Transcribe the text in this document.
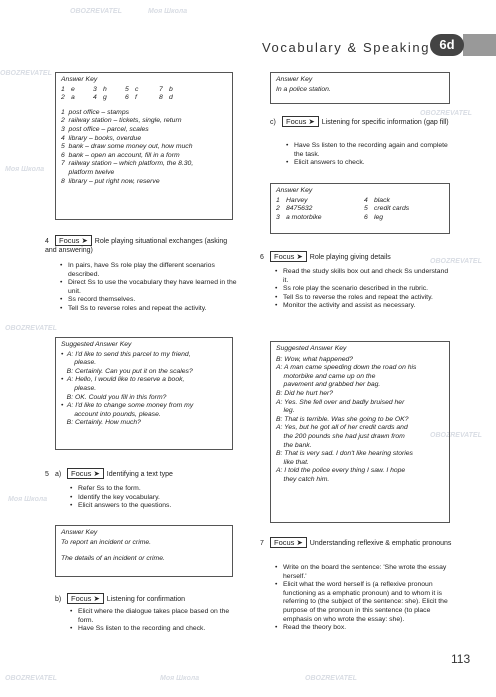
OBOZREVATEL	Моя Школа
OBOZREVATEL
Моя Школа
OBOZREVATEL
Моя Школа
OBOZREVATEL
OBOZREVATEL
OBOZREVATEL
OBOZREVATEL	Моя Школа	OBOZREVATEL
Vocabulary & Speaking 6d
Answer Key
1 e	3 h	5 c	7 b
2 a	4 g	6 f	8 d
1  post office – stamps
2  railway station – tickets, single, return
3  post office – parcel, scales
4  library – books, overdue
5  bank – draw some money out, how much
6  bank – open an account, fill in a form
7  railway station – which platform, the 8.30,
platform twelve
8  library – put right now, reserve
4 Focus ➤ Role playing situational exchanges (asking and answering)
• In pairs, have Ss role play the different scenarios described.
• Direct Ss to use the vocabulary they have learned in the unit.
• Ss record themselves.
• Tell Ss to reverse roles and repeat the activity.
Suggested Answer Key
•  A: I'd like to send this parcel to my friend,
please.
B: Certainly. Can you put it on the scales?
•  A: Hello, I would like to reserve a book,
please.
B: OK. Could you fill in this form?
•  A: I'd like to change some money from my
account into pounds, please.
B: Certainly. How much?
5 a) Focus ➤ Identifying a text type
• Refer Ss to the form.
• Identify the key vocabulary.
• Elicit answers to the questions.
Answer Key
To report an incident or crime.
The details of an incident or crime.
b) Focus ➤ Listening for confirmation
• Elicit where the dialogue takes place based on the form.
• Have Ss listen to the recording and check.
Answer Key
In a police station.
c) Focus ➤ Listening for specific information (gap fill)
• Have Ss listen to the recording again and complete the task.
• Elicit answers to check.
Answer Key
1 Harvey	4 black
2 8475632	5 credit cards
3 a motorbike	6 leg
6 Focus ➤ Role playing giving details
• Read the study skills box out and check Ss understand it.
• Ss role play the scenario described in the rubric.
• Tell Ss to reverse the roles and repeat the activity.
• Monitor the activity and assist as necessary.
Suggested Answer Key
B: Wow, what happened?
A: A man came speeding down the road on his
motorbike and came up on the
pavement and grabbed her bag.
B: Did he hurt her?
A: Yes. She fell over and badly bruised her
leg.
B: That is terrible. Was she going to be OK?
A: Yes, but he got all of her credit cards and
the 200 pounds she had just drawn from
the bank.
B: That is very sad. I don't like hearing stories
like that.
A: I told the police every thing I saw. I hope
they catch him.
7 Focus ➤ Understanding reflexive & emphatic pronouns
• Write on the board the sentence: 'She wrote the essay herself.'
• Elicit what the word herself is (a reflexive pronoun functioning as a emphatic pronoun) and to whom it is referring to (the subject of the sentence: she). Elicit the purpose of the pronoun in this sentence (to place emphasis on who wrote the essay: she).
• Read the theory box.
113
